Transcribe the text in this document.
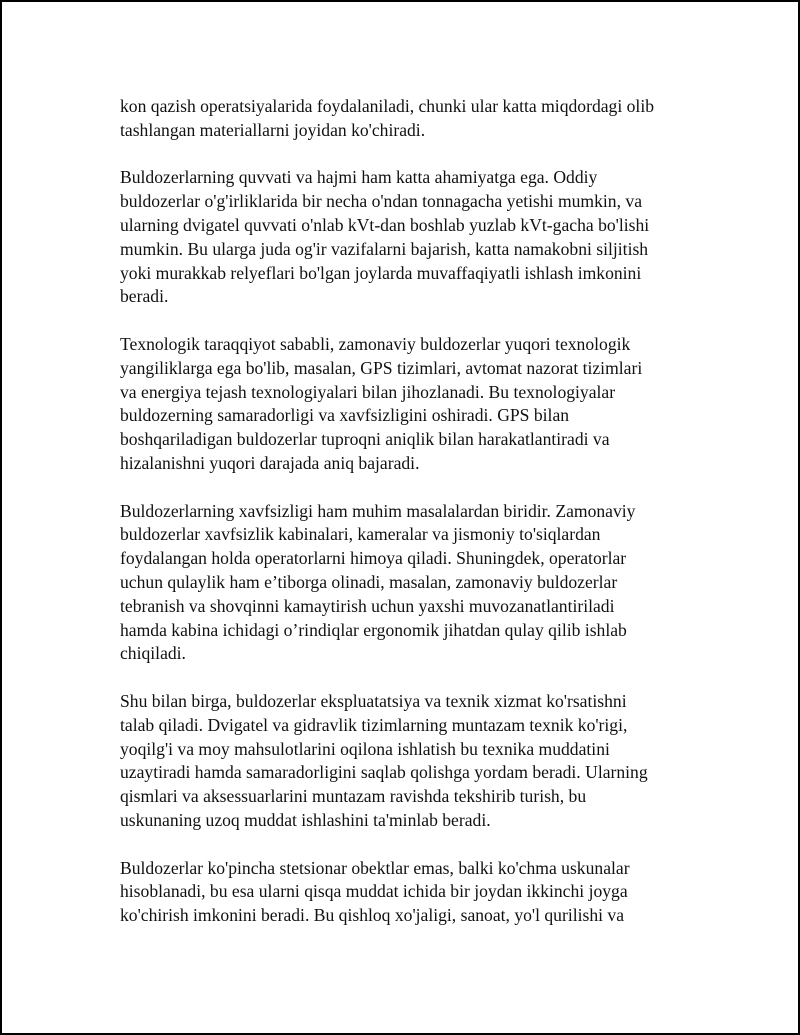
kon qazish operatsiyalarida foydalaniladi, chunki ular katta miqdordagi olib
tashlangan materiallarni joyidan ko'chiradi.

Buldozerlarning quvvati va hajmi ham katta ahamiyatga ega. Oddiy
buldozerlar o'g'irliklarida bir necha o'ndan tonnagacha yetishi mumkin, va
ularning dvigatel quvvati o'nlab kVt-dan boshlab yuzlab kVt-gacha bo'lishi
mumkin. Bu ularga juda og'ir vazifalarni bajarish, katta namakobni siljitish
yoki murakkab relyeflari bo'lgan joylarda muvaffaqiyatli ishlash imkonini
beradi.

Texnologik taraqqiyot sababli, zamonaviy buldozerlar yuqori texnologik
yangiliklarga ega bo'lib, masalan, GPS tizimlari, avtomat nazorat tizimlari
va energiya tejash texnologiyalari bilan jihozlanadi. Bu texnologiyalar
buldozerning samaradorligi va xavfsizligini oshiradi. GPS bilan
boshqariladigan buldozerlar tuproqni aniqlik bilan harakatlantiradi va
hizalanishni yuqori darajada aniq bajaradi.

Buldozerlarning xavfsizligi ham muhim masalalardan biridir. Zamonaviy
buldozerlar xavfsizlik kabinalari, kameralar va jismoniy to'siqlardan
foydalangan holda operatorlarni himoya qiladi. Shuningdek, operatorlar
uchun qulaylik ham e’tiborga olinadi, masalan, zamonaviy buldozerlar
tebranish va shovqinni kamaytirish uchun yaxshi muvozanatlantiriladi
hamda kabina ichidagi o’rindiqlar ergonomik jihatdan qulay qilib ishlab
chiqiladi.

Shu bilan birga, buldozerlar ekspluatatsiya va texnik xizmat ko'rsatishni
talab qiladi. Dvigatel va gidravlik tizimlarning muntazam texnik ko'rigi,
yoqilg'i va moy mahsulotlarini oqilona ishlatish bu texnika muddatini
uzaytiradi hamda samaradorligini saqlab qolishga yordam beradi. Ularning
qismlari va aksessuarlarini muntazam ravishda tekshirib turish, bu
uskunaning uzoq muddat ishlashini ta'minlab beradi.

Buldozerlar ko'pincha stetsionar obektlar emas, balki ko'chma uskunalar
hisoblanadi, bu esa ularni qisqa muddat ichida bir joydan ikkinchi joyga
ko'chirish imkonini beradi. Bu qishloq xo'jaligi, sanoat, yo'l qurilishi va
